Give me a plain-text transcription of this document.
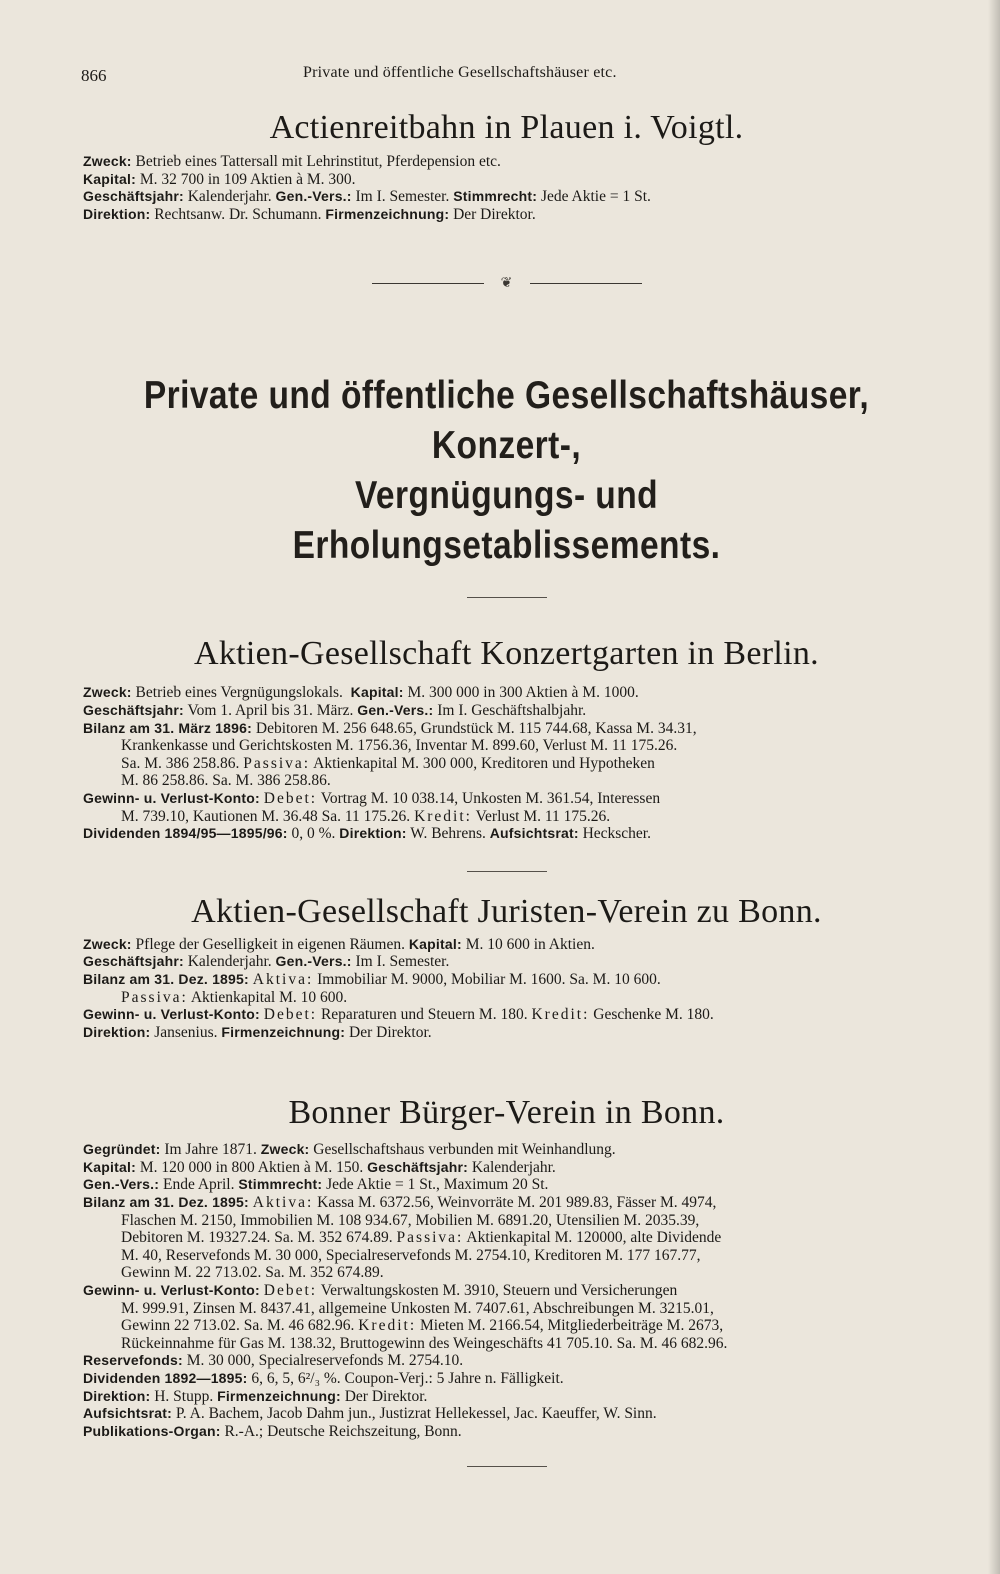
866	Private und öffentliche Gesellschaftshäuser etc.
Actienreitbahn in Plauen i. Voigtl.
Zweck: Betrieb eines Tattersall mit Lehrinstitut, Pferdepension etc.
Kapital: M. 32 700 in 109 Aktien à M. 300.
Geschäftsjahr: Kalenderjahr. Gen.-Vers.: Im I. Semester. Stimmrecht: Jede Aktie = 1 St.
Direktion: Rechtsanw. Dr. Schumann. Firmenzeichnung: Der Direktor.
❦
Private und öffentliche Gesellschaftshäuser, Konzert-,
Vergnügungs- und Erholungsetablissements.
Aktien-Gesellschaft Konzertgarten in Berlin.
Zweck: Betrieb eines Vergnügungslokals. Kapital: M. 300 000 in 300 Aktien à M. 1000.
Geschäftsjahr: Vom 1. April bis 31. März. Gen.-Vers.: Im I. Geschäftshalbjahr.
Bilanz am 31. März 1896: Debitoren M. 256 648.65, Grundstück M. 115 744.68, Kassa M. 34.31,
Krankenkasse und Gerichtskosten M. 1756.36, Inventar M. 899.60, Verlust M. 11 175.26.
Sa. M. 386 258.86. Passiva: Aktienkapital M. 300 000, Kreditoren und Hypotheken
M. 86 258.86. Sa. M. 386 258.86.
Gewinn- u. Verlust-Konto: Debet: Vortrag M. 10 038.14, Unkosten M. 361.54, Interessen
M. 739.10, Kautionen M. 36.48 Sa. 11 175.26. Kredit: Verlust M. 11 175.26.
Dividenden 1894/95—1895/96: 0, 0 %. Direktion: W. Behrens. Aufsichtsrat: Heckscher.
Aktien-Gesellschaft Juristen-Verein zu Bonn.
Zweck: Pflege der Geselligkeit in eigenen Räumen. Kapital: M. 10 600 in Aktien.
Geschäftsjahr: Kalenderjahr. Gen.-Vers.: Im I. Semester.
Bilanz am 31. Dez. 1895: Aktiva: Immobiliar M. 9000, Mobiliar M. 1600. Sa. M. 10 600.
Passiva: Aktienkapital M. 10 600.
Gewinn- u. Verlust-Konto: Debet: Reparaturen und Steuern M. 180. Kredit: Geschenke M. 180.
Direktion: Jansenius. Firmenzeichnung: Der Direktor.
Bonner Bürger-Verein in Bonn.
Gegründet: Im Jahre 1871. Zweck: Gesellschaftshaus verbunden mit Weinhandlung.
Kapital: M. 120 000 in 800 Aktien à M. 150. Geschäftsjahr: Kalenderjahr.
Gen.-Vers.: Ende April. Stimmrecht: Jede Aktie = 1 St., Maximum 20 St.
Bilanz am 31. Dez. 1895: Aktiva: Kassa M. 6372.56, Weinvorräte M. 201 989.83, Fässer M. 4974,
Flaschen M. 2150, Immobilien M. 108 934.67, Mobilien M. 6891.20, Utensilien M. 2035.39,
Debitoren M. 19327.24. Sa. M. 352 674.89. Passiva: Aktienkapital M. 120000, alte Dividende
M. 40, Reservefonds M. 30 000, Specialreservefonds M. 2754.10, Kreditoren M. 177 167.77,
Gewinn M. 22 713.02. Sa. M. 352 674.89.
Gewinn- u. Verlust-Konto: Debet: Verwaltungskosten M. 3910, Steuern und Versicherungen
M. 999.91, Zinsen M. 8437.41, allgemeine Unkosten M. 7407.61, Abschreibungen M. 3215.01,
Gewinn 22 713.02. Sa. M. 46 682.96. Kredit: Mieten M. 2166.54, Mitgliederbeiträge M. 2673,
Rückeinnahme für Gas M. 138.32, Bruttogewinn des Weingeschäfts 41 705.10. Sa. M. 46 682.96.
Reservefonds: M. 30 000, Specialreservefonds M. 2754.10.
Dividenden 1892—1895: 6, 6, 5, 6²/₃ %. Coupon-Verj.: 5 Jahre n. Fälligkeit.
Direktion: H. Stupp. Firmenzeichnung: Der Direktor.
Aufsichtsrat: P. A. Bachem, Jacob Dahm jun., Justizrat Hellekessel, Jac. Kaeuffer, W. Sinn.
Publikations-Organ: R.-A.; Deutsche Reichszeitung, Bonn.
